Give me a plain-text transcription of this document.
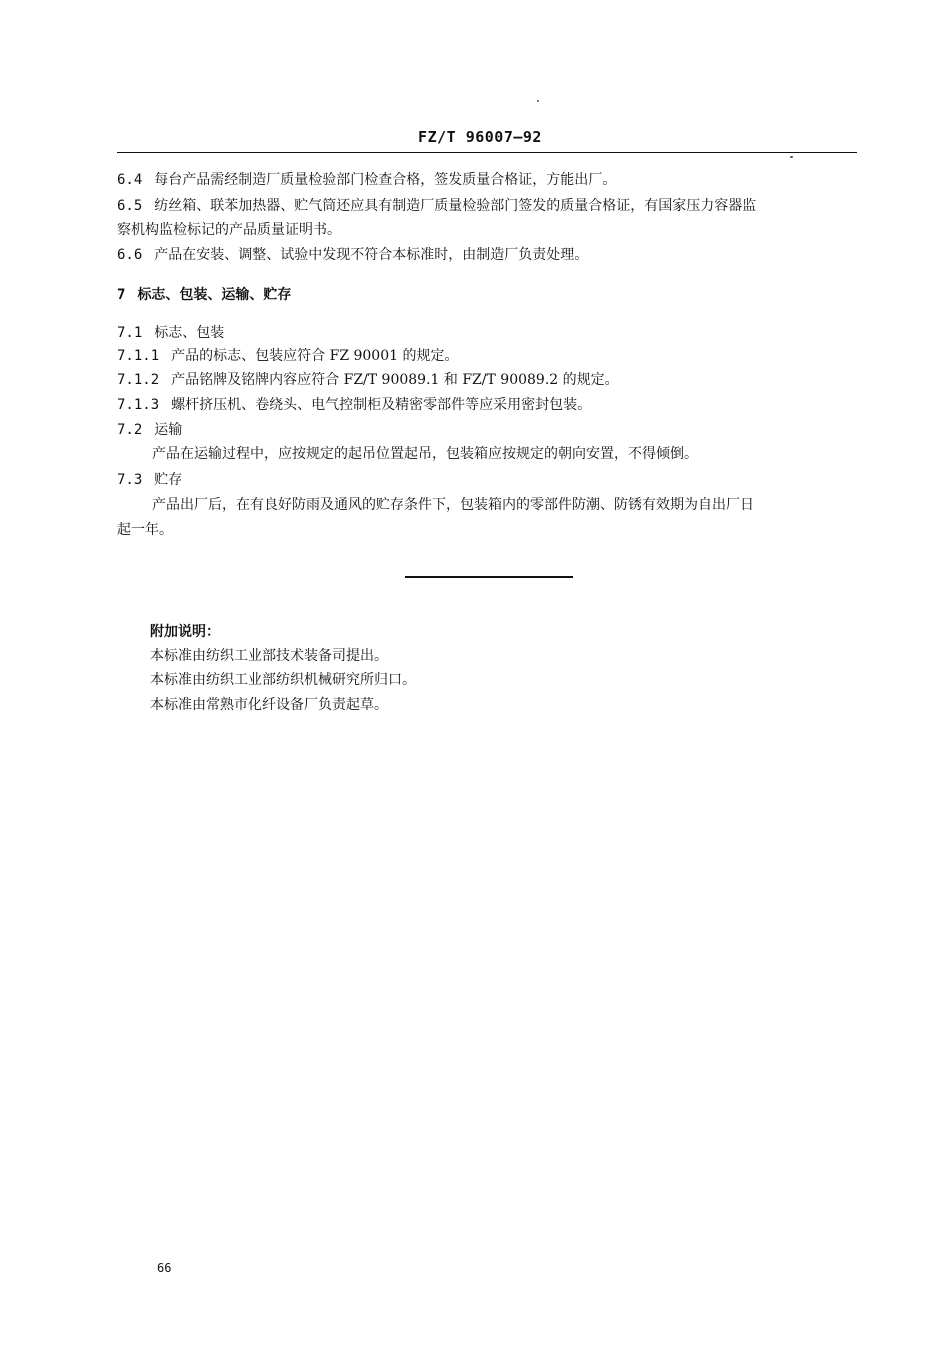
FZ/T 96007—92
6.4 每台产品需经制造厂质量检验部门检查合格，签发质量合格证，方能出厂。
6.5 纺丝箱、联苯加热器、贮气筒还应具有制造厂质量检验部门签发的质量合格证，有国家压力容器监
察机构监检标记的产品质量证明书。
6.6 产品在安装、调整、试验中发现不符合本标准时，由制造厂负责处理。
7 标志、包装、运输、贮存
7.1 标志、包装
7.1.1 产品的标志、包装应符合 FZ 90001 的规定。
7.1.2 产品铭牌及铭牌内容应符合 FZ/T 90089.1 和 FZ/T 90089.2 的规定。
7.1.3 螺杆挤压机、卷绕头、电气控制柜及精密零部件等应采用密封包装。
7.2 运输
产品在运输过程中，应按规定的起吊位置起吊，包装箱应按规定的朝向安置，不得倾倒。
7.3 贮存
产品出厂后，在有良好防雨及通风的贮存条件下，包装箱内的零部件防潮、防锈有效期为自出厂日
起一年。
附加说明：
本标准由纺织工业部技术装备司提出。
本标准由纺织工业部纺织机械研究所归口。
本标准由常熟市化纤设备厂负责起草。
66
